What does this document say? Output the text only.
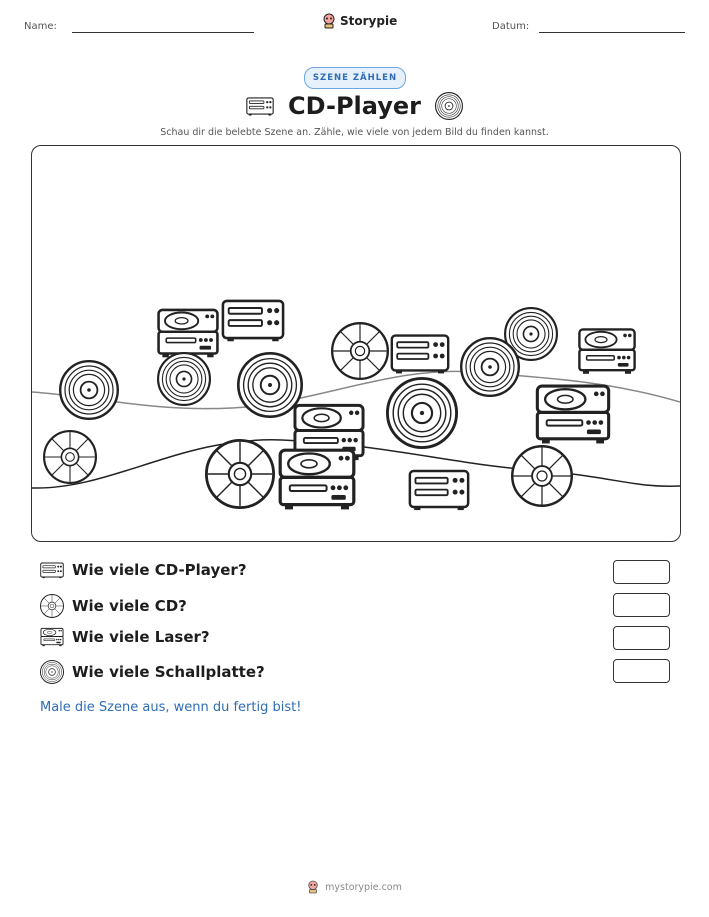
Name:	Storypie	Datum:
SZENE ZÄHLEN
CD-Player
Schau dir die belebte Szene an. Zähle, wie viele von jedem Bild du finden kannst.
Wie viele CD-Player?
Wie viele CD?
Wie viele Laser?
Wie viele Schallplatte?
Male die Szene aus, wenn du fertig bist!
mystorypie.com
